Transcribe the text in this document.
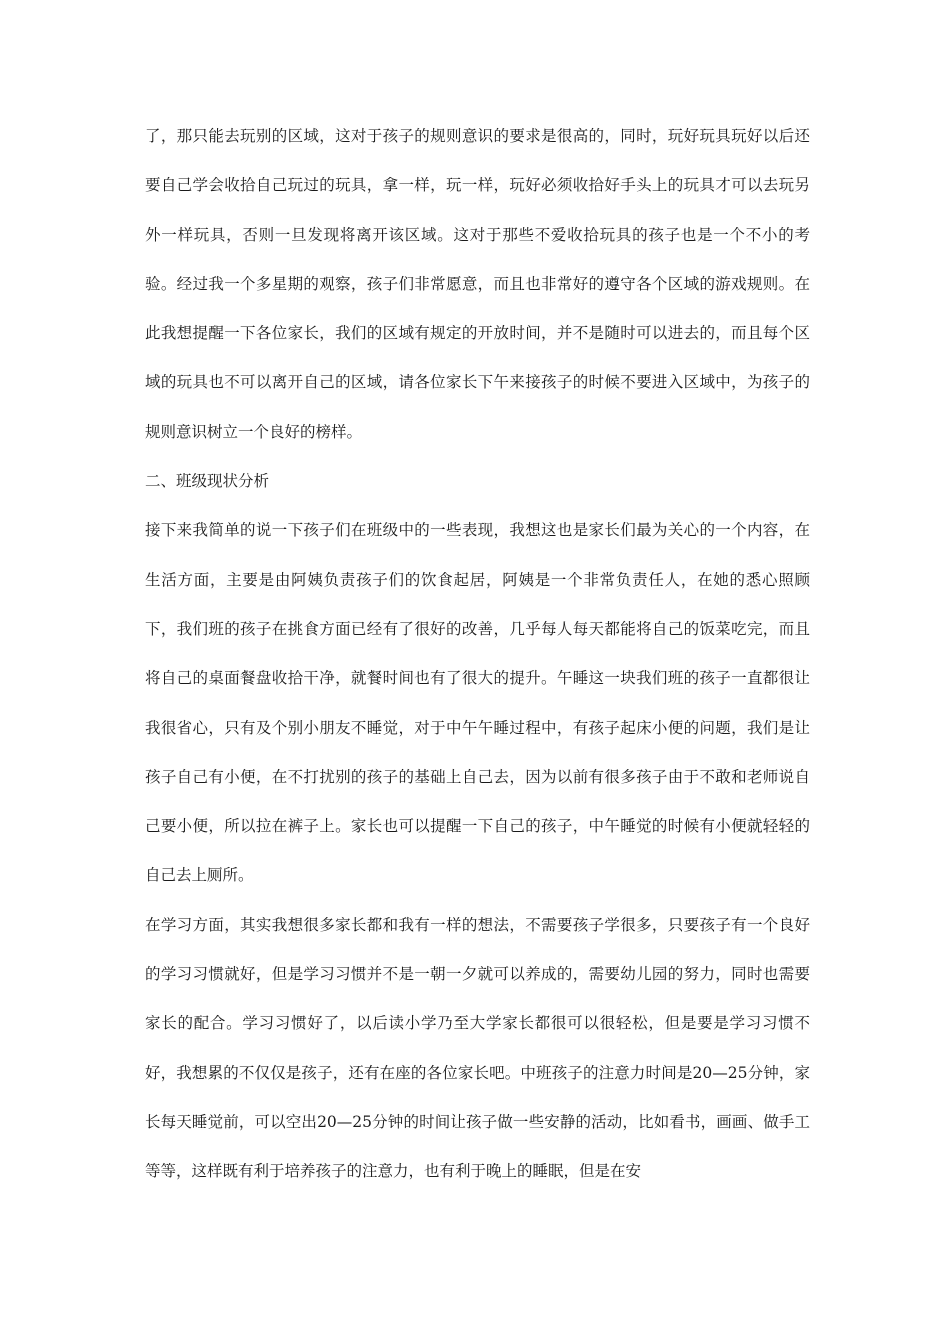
了，那只能去玩别的区域，这对于孩子的规则意识的要求是很高的，同时，玩好玩具玩好以后还要自己学会收拾自己玩过的玩具，拿一样，玩一样，玩好必须收拾好手头上的玩具才可以去玩另外一样玩具，否则一旦发现将离开该区域。这对于那些不爱收拾玩具的孩子也是一个不小的考验。经过我一个多星期的观察，孩子们非常愿意，而且也非常好的遵守各个区域的游戏规则。在此我想提醒一下各位家长，我们的区域有规定的开放时间，并不是随时可以进去的，而且每个区域的玩具也不可以离开自己的区域，请各位家长下午来接孩子的时候不要进入区域中，为孩子的规则意识树立一个良好的榜样。

二、班级现状分析

接下来我简单的说一下孩子们在班级中的一些表现，我想这也是家长们最为关心的一个内容，在生活方面，主要是由阿姨负责孩子们的饮食起居，阿姨是一个非常负责任人，在她的悉心照顾下，我们班的孩子在挑食方面已经有了很好的改善，几乎每人每天都能将自己的饭菜吃完，而且将自己的桌面餐盘收拾干净，就餐时间也有了很大的提升。午睡这一块我们班的孩子一直都很让我很省心，只有及个别小朋友不睡觉，对于中午午睡过程中，有孩子起床小便的问题，我们是让孩子自己有小便，在不打扰别的孩子的基础上自己去，因为以前有很多孩子由于不敢和老师说自己要小便，所以拉在裤子上。家长也可以提醒一下自己的孩子，中午睡觉的时候有小便就轻轻的自己去上厕所。

在学习方面，其实我想很多家长都和我有一样的想法，不需要孩子学很多，只要孩子有一个良好的学习习惯就好，但是学习习惯并不是一朝一夕就可以养成的，需要幼儿园的努力，同时也需要家长的配合。学习习惯好了，以后读小学乃至大学家长都很可以很轻松，但是要是学习习惯不好，我想累的不仅仅是孩子，还有在座的各位家长吧。中班孩子的注意力时间是20—25分钟，家长每天睡觉前，可以空出20—25分钟的时间让孩子做一些安静的活动，比如看书，画画、做手工等等，这样既有利于培养孩子的注意力，也有利于晚上的睡眠，但是在安
